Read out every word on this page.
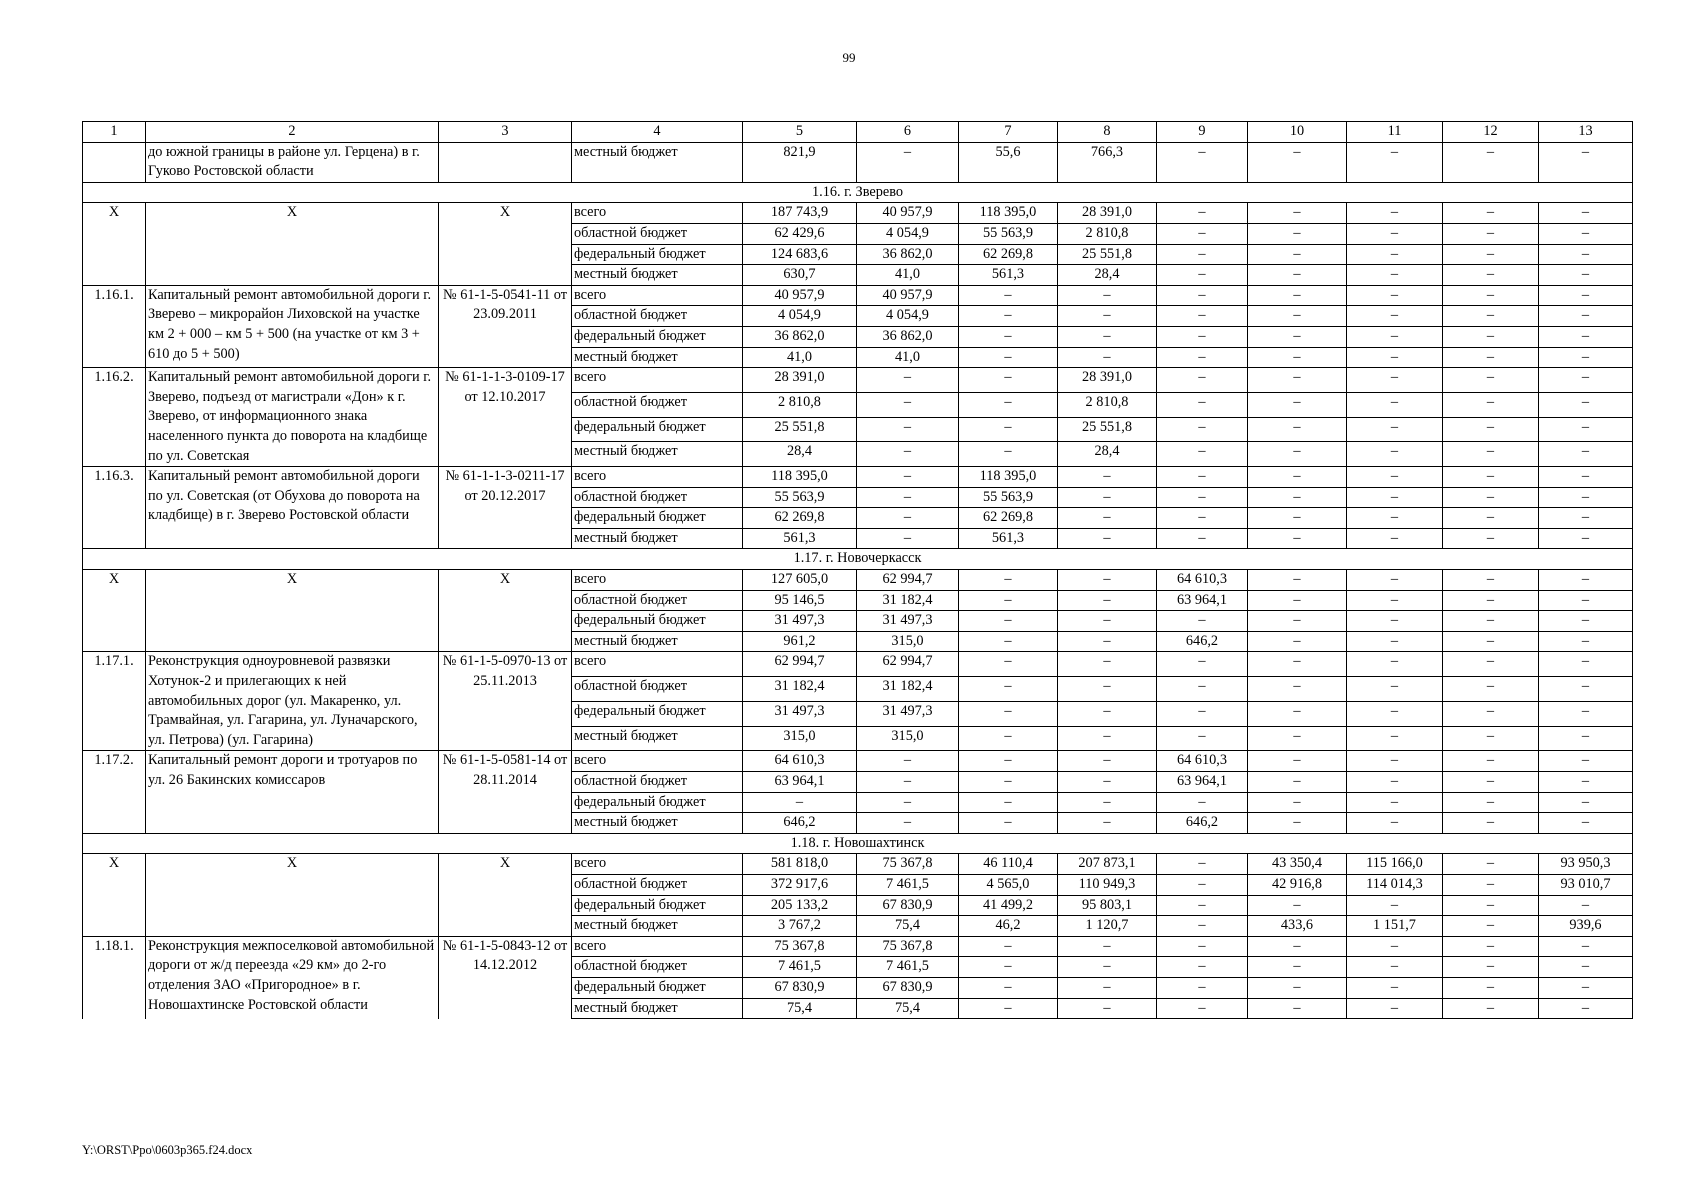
99
1	2	3	4	5	6	7	8	9	10	11	12	13
	до южной границы в районе ул. Герцена) в г. Гуково Ростовской области		местный бюджет	821,9	–	55,6	766,3	–	–	–	–	–
1.16. г. Зверево												
Х	Х	Х	всего	187 743,9	40 957,9	118 395,0	28 391,0	–	–	–	–	–
			областной бюджет	62 429,6	4 054,9	55 563,9	2 810,8	–	–	–	–	–
			федеральный бюджет	124 683,6	36 862,0	62 269,8	25 551,8	–	–	–	–	–
			местный бюджет	630,7	41,0	561,3	28,4	–	–	–	–	–
1.16.1.	Капитальный ремонт автомобильной дороги г. Зверево – микрорайон Лиховской на участке км 2 + 000 – км 5 + 500 (на участке от км 3 + 610 до 5 + 500)	№ 61-1-5-0541-11 от 23.09.2011	всего	40 957,9	40 957,9	–	–	–	–	–	–	–
			областной бюджет	4 054,9	4 054,9	–	–	–	–	–	–	–
			федеральный бюджет	36 862,0	36 862,0	–	–	–	–	–	–	–
			местный бюджет	41,0	41,0	–	–	–	–	–	–	–
1.16.2.	Капитальный ремонт автомобильной дороги г. Зверево, подъезд от магистрали «Дон» к г. Зверево, от информационного знака населенного пункта до поворота на кладбище по ул. Советская	№ 61-1-1-3-0109-17 от 12.10.2017	всего	28 391,0	–	–	28 391,0	–	–	–	–	–
			областной бюджет	2 810,8	–	–	2 810,8	–	–	–	–	–
			федеральный бюджет	25 551,8	–	–	25 551,8	–	–	–	–	–
			местный бюджет	28,4	–	–	28,4	–	–	–	–	–
1.16.3.	Капитальный ремонт автомобильной дороги по ул. Советская (от Обухова до поворота на кладбище) в г. Зверево Ростовской области	№ 61-1-1-3-0211-17 от 20.12.2017	всего	118 395,0	–	118 395,0	–	–	–	–	–	–
			областной бюджет	55 563,9	–	55 563,9	–	–	–	–	–	–
			федеральный бюджет	62 269,8	–	62 269,8	–	–	–	–	–	–
			местный бюджет	561,3	–	561,3	–	–	–	–	–	–
1.17. г. Новочеркасск												
Х	Х	Х	всего	127 605,0	62 994,7	–	–	64 610,3	–	–	–	–
			областной бюджет	95 146,5	31 182,4	–	–	63 964,1	–	–	–	–
			федеральный бюджет	31 497,3	31 497,3	–	–	–	–	–	–	–
			местный бюджет	961,2	315,0	–	–	646,2	–	–	–	–
1.17.1.	Реконструкция одноуровневой развязки Хотунок-2 и прилегающих к ней автомобильных дорог (ул. Макаренко, ул. Трамвайная, ул. Гагарина, ул. Луначарского, ул. Петрова) (ул. Гагарина)	№ 61-1-5-0970-13 от 25.11.2013	всего	62 994,7	62 994,7	–	–	–	–	–	–	–
			областной бюджет	31 182,4	31 182,4	–	–	–	–	–	–	–
			федеральный бюджет	31 497,3	31 497,3	–	–	–	–	–	–	–
			местный бюджет	315,0	315,0	–	–	–	–	–	–	–
1.17.2.	Капитальный ремонт дороги и тротуаров по ул. 26 Бакинских комиссаров	№ 61-1-5-0581-14 от 28.11.2014	всего	64 610,3	–	–	–	64 610,3	–	–	–	–
			областной бюджет	63 964,1	–	–	–	63 964,1	–	–	–	–
			федеральный бюджет	–	–	–	–	–	–	–	–	–
			местный бюджет	646,2	–	–	–	646,2	–	–	–	–
1.18. г. Новошахтинск												
Х	Х	Х	всего	581 818,0	75 367,8	46 110,4	207 873,1	–	43 350,4	115 166,0	–	93 950,3
			областной бюджет	372 917,6	7 461,5	4 565,0	110 949,3	–	42 916,8	114 014,3	–	93 010,7
			федеральный бюджет	205 133,2	67 830,9	41 499,2	95 803,1	–	–	–	–	–
			местный бюджет	3 767,2	75,4	46,2	1 120,7	–	433,6	1 151,7	–	939,6
1.18.1.	Реконструкция межпоселковой автомобильной дороги от ж/д переезда «29 км» до 2-го отделения ЗАО «Пригородное» в г. Новошахтинске Ростовской области	№ 61-1-5-0843-12 от 14.12.2012	всего	75 367,8	75 367,8	–	–	–	–	–	–	–
			областной бюджет	7 461,5	7 461,5	–	–	–	–	–	–	–
			федеральный бюджет	67 830,9	67 830,9	–	–	–	–	–	–	–
			местный бюджет	75,4	75,4	–	–	–	–	–	–	–
Y:\ORST\Ppo\0603p365.f24.docx
